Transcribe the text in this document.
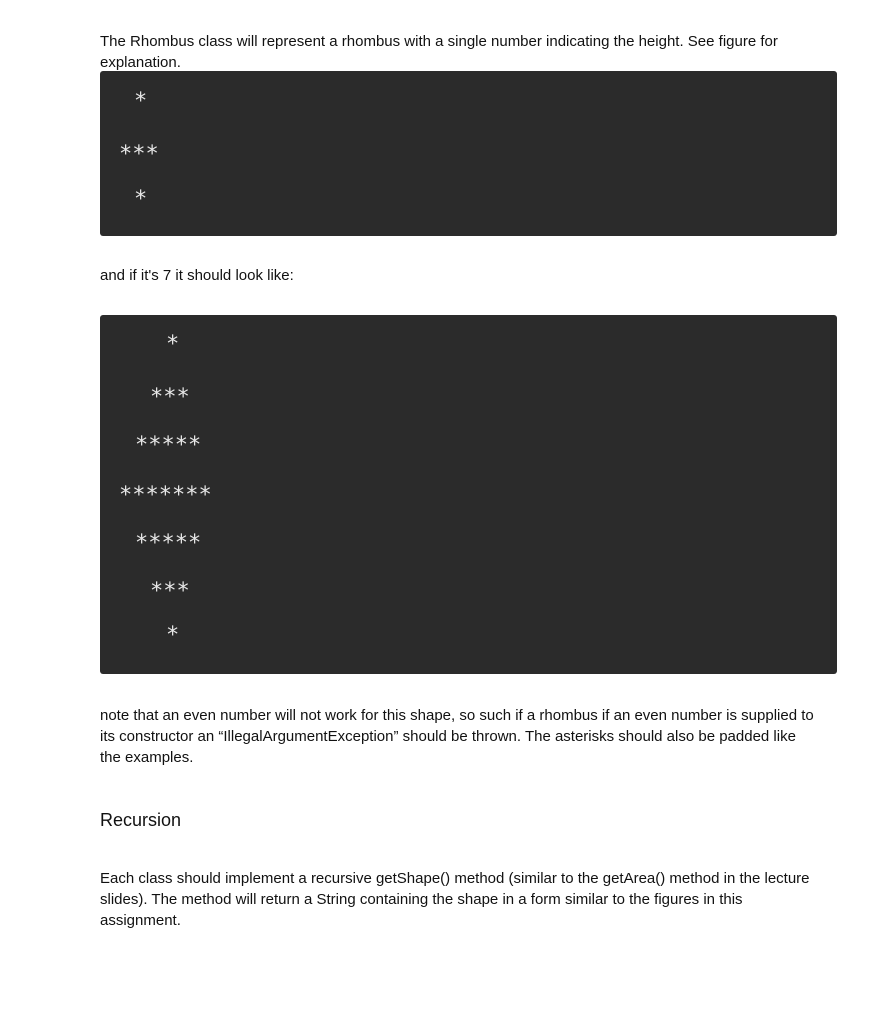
The Rhombus class will represent a rhombus with a single number indicating the height. See figure for explanation.

*
***
*

and if it's 7 it should look like:

*
***
*****
*******
*****
***
*

note that an even number will not work for this shape, so such if a rhombus if an even number is supplied to its constructor an “IllegalArgumentException” should be thrown. The asterisks should also be padded like the examples.

Recursion

Each class should implement a recursive getShape() method (similar to the getArea() method in the lecture slides). The method will return a String containing the shape in a form similar to the figures in this assignment.
